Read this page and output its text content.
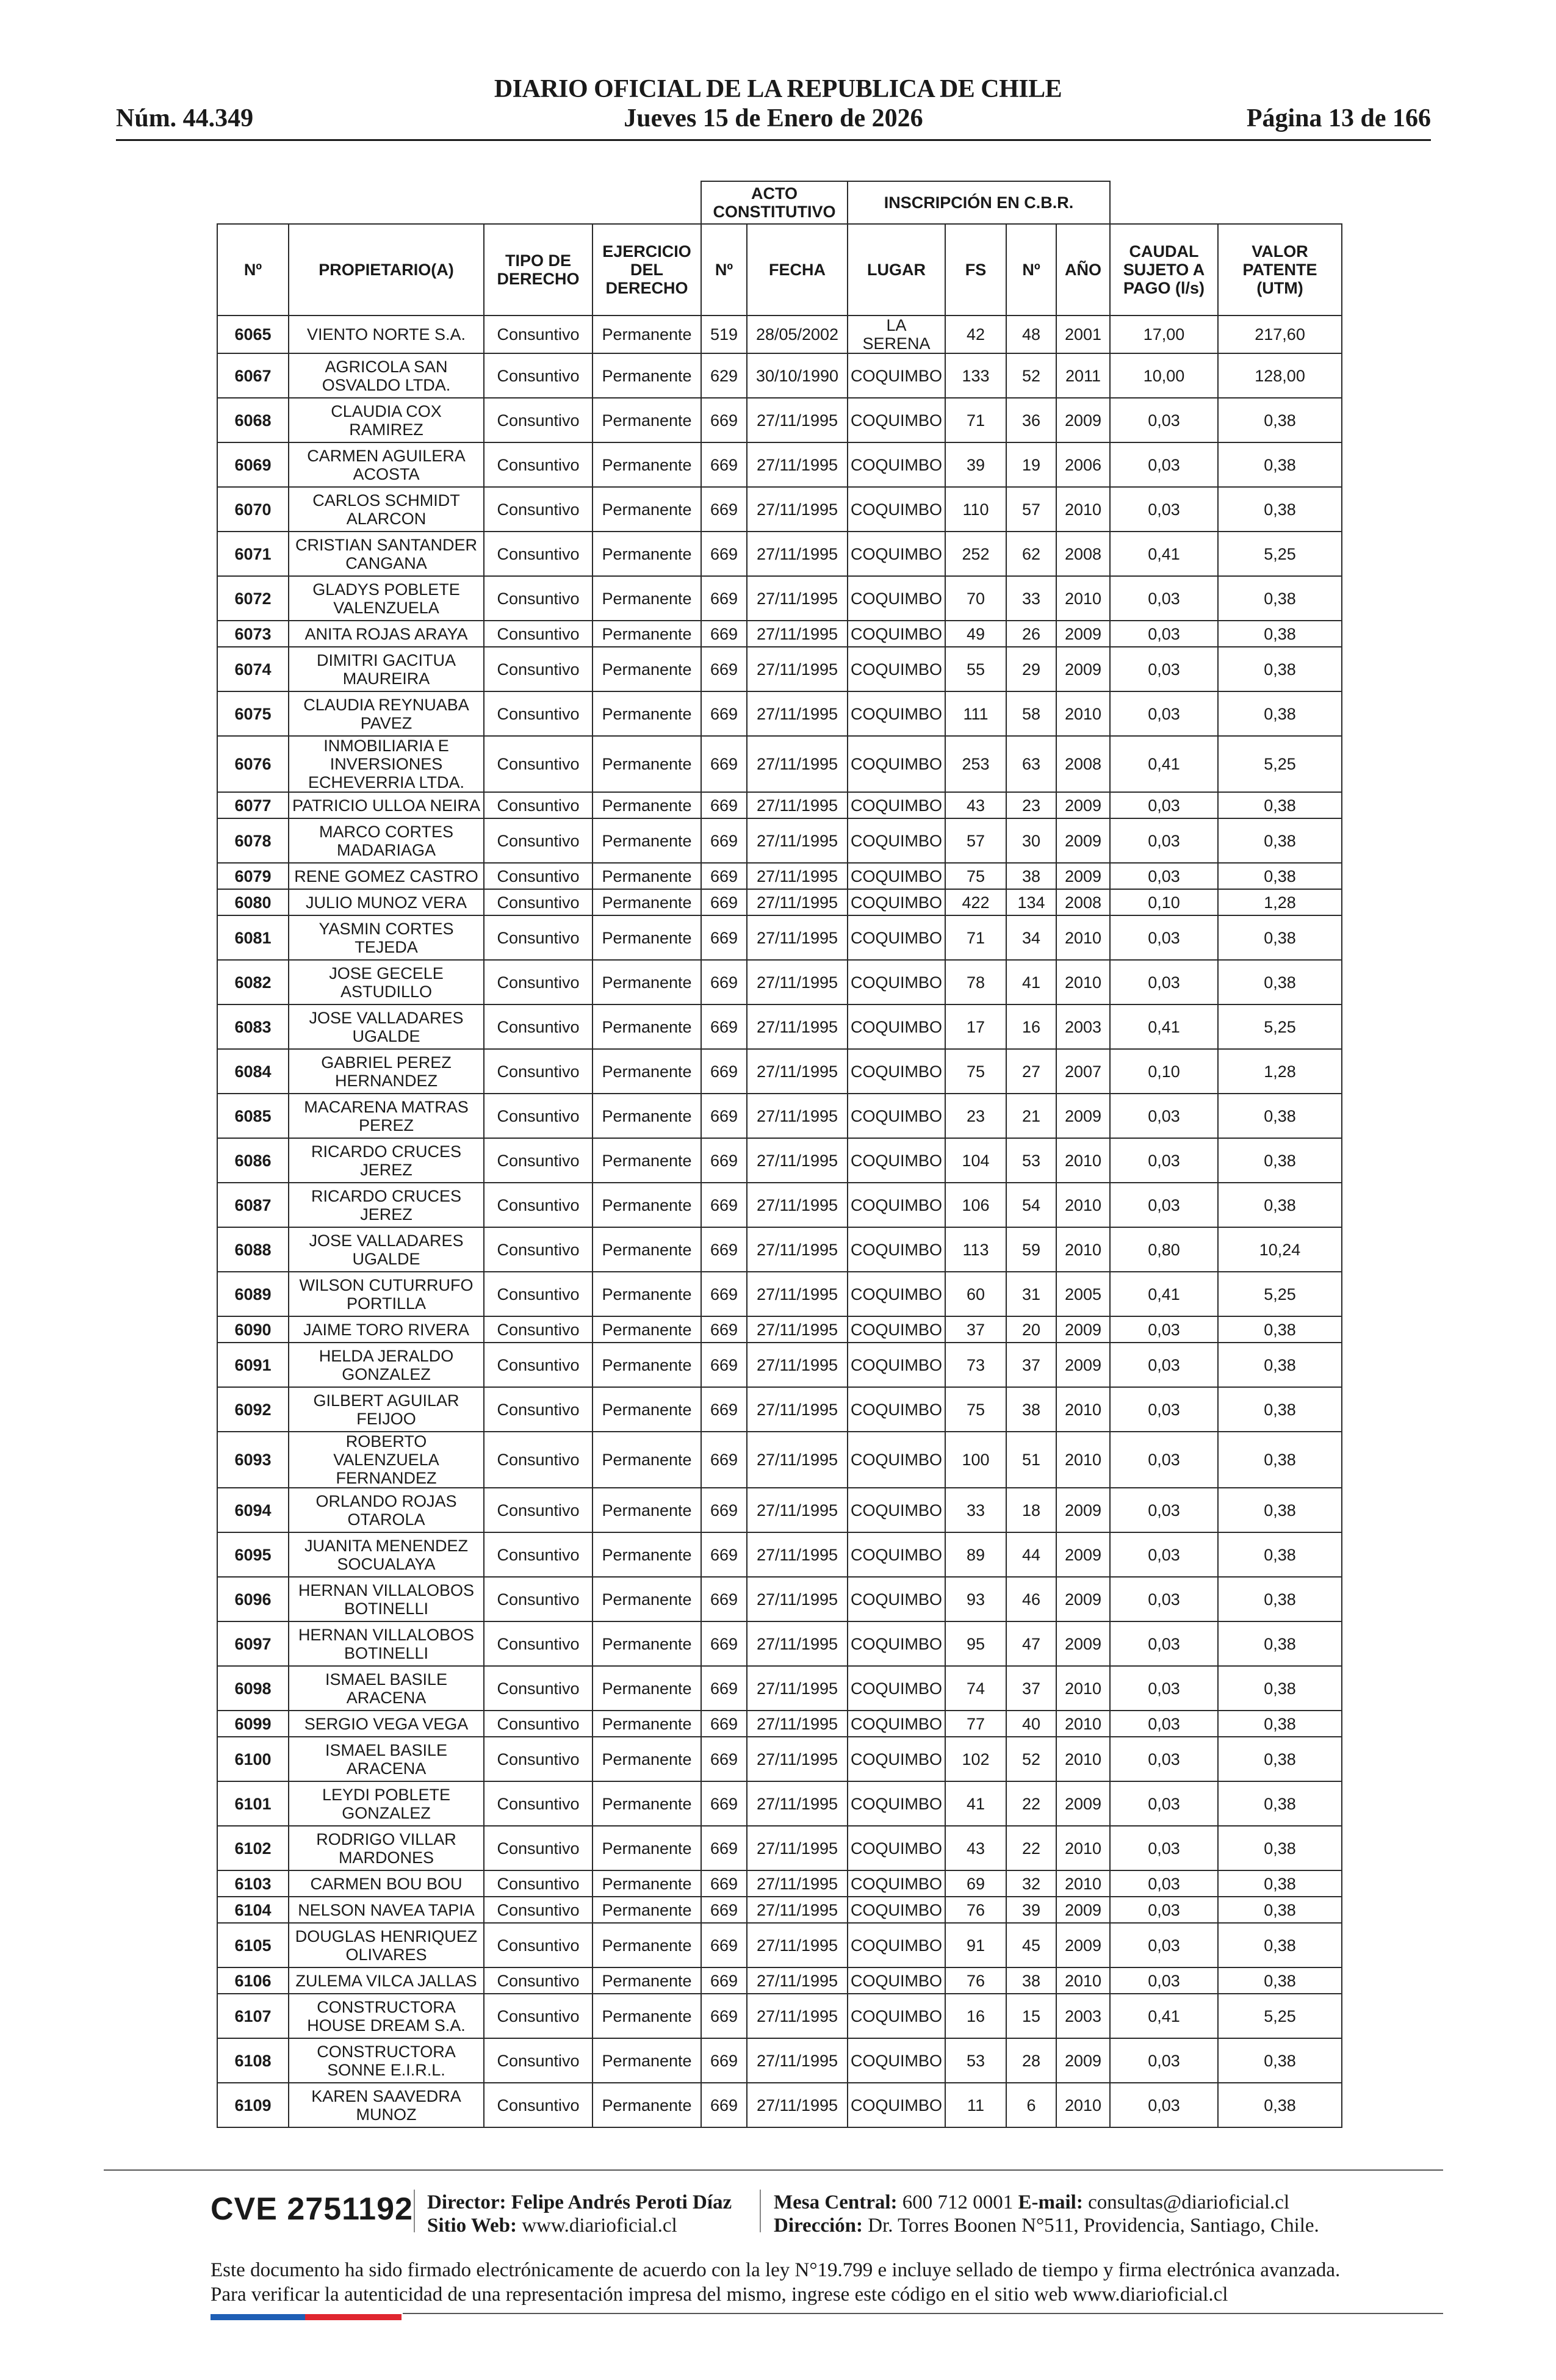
DIARIO OFICIAL DE LA REPUBLICA DE CHILE
Núm. 44.349	Jueves 15 de Enero de 2026	Página 13 de 166
				ACTO CONSTITUTIVO		INSCRIPCIÓN EN C.B.R.					
Nº	PROPIETARIO(A)	TIPO DE DERECHO	EJERCICIO DEL DERECHO	Nº	FECHA	LUGAR	FS	Nº	AÑO	CAUDAL SUJETO A PAGO (l/s)	VALOR PATENTE (UTM)
6065	VIENTO NORTE S.A.	Consuntivo	Permanente	519	28/05/2002	LA SERENA	42	48	2001	17,00	217,60
6067	AGRICOLA SAN OSVALDO LTDA.	Consuntivo	Permanente	629	30/10/1990	COQUIMBO	133	52	2011	10,00	128,00
6068	CLAUDIA COX RAMIREZ	Consuntivo	Permanente	669	27/11/1995	COQUIMBO	71	36	2009	0,03	0,38
6069	CARMEN AGUILERA ACOSTA	Consuntivo	Permanente	669	27/11/1995	COQUIMBO	39	19	2006	0,03	0,38
6070	CARLOS SCHMIDT ALARCON	Consuntivo	Permanente	669	27/11/1995	COQUIMBO	110	57	2010	0,03	0,38
6071	CRISTIAN SANTANDER CANGANA	Consuntivo	Permanente	669	27/11/1995	COQUIMBO	252	62	2008	0,41	5,25
6072	GLADYS POBLETE VALENZUELA	Consuntivo	Permanente	669	27/11/1995	COQUIMBO	70	33	2010	0,03	0,38
6073	ANITA ROJAS ARAYA	Consuntivo	Permanente	669	27/11/1995	COQUIMBO	49	26	2009	0,03	0,38
6074	DIMITRI GACITUA MAUREIRA	Consuntivo	Permanente	669	27/11/1995	COQUIMBO	55	29	2009	0,03	0,38
6075	CLAUDIA REYNUABA PAVEZ	Consuntivo	Permanente	669	27/11/1995	COQUIMBO	111	58	2010	0,03	0,38
6076	INMOBILIARIA E INVERSIONES ECHEVERRIA LTDA.	Consuntivo	Permanente	669	27/11/1995	COQUIMBO	253	63	2008	0,41	5,25
6077	PATRICIO ULLOA NEIRA	Consuntivo	Permanente	669	27/11/1995	COQUIMBO	43	23	2009	0,03	0,38
6078	MARCO CORTES MADARIAGA	Consuntivo	Permanente	669	27/11/1995	COQUIMBO	57	30	2009	0,03	0,38
6079	RENE GOMEZ CASTRO	Consuntivo	Permanente	669	27/11/1995	COQUIMBO	75	38	2009	0,03	0,38
6080	JULIO MUNOZ VERA	Consuntivo	Permanente	669	27/11/1995	COQUIMBO	422	134	2008	0,10	1,28
6081	YASMIN CORTES TEJEDA	Consuntivo	Permanente	669	27/11/1995	COQUIMBO	71	34	2010	0,03	0,38
6082	JOSE GECELE ASTUDILLO	Consuntivo	Permanente	669	27/11/1995	COQUIMBO	78	41	2010	0,03	0,38
6083	JOSE VALLADARES UGALDE	Consuntivo	Permanente	669	27/11/1995	COQUIMBO	17	16	2003	0,41	5,25
6084	GABRIEL PEREZ HERNANDEZ	Consuntivo	Permanente	669	27/11/1995	COQUIMBO	75	27	2007	0,10	1,28
6085	MACARENA MATRAS PEREZ	Consuntivo	Permanente	669	27/11/1995	COQUIMBO	23	21	2009	0,03	0,38
6086	RICARDO CRUCES JEREZ	Consuntivo	Permanente	669	27/11/1995	COQUIMBO	104	53	2010	0,03	0,38
6087	RICARDO CRUCES JEREZ	Consuntivo	Permanente	669	27/11/1995	COQUIMBO	106	54	2010	0,03	0,38
6088	JOSE VALLADARES UGALDE	Consuntivo	Permanente	669	27/11/1995	COQUIMBO	113	59	2010	0,80	10,24
6089	WILSON CUTURRUFO PORTILLA	Consuntivo	Permanente	669	27/11/1995	COQUIMBO	60	31	2005	0,41	5,25
6090	JAIME TORO RIVERA	Consuntivo	Permanente	669	27/11/1995	COQUIMBO	37	20	2009	0,03	0,38
6091	HELDA JERALDO GONZALEZ	Consuntivo	Permanente	669	27/11/1995	COQUIMBO	73	37	2009	0,03	0,38
6092	GILBERT AGUILAR FEIJOO	Consuntivo	Permanente	669	27/11/1995	COQUIMBO	75	38	2010	0,03	0,38
6093	ROBERTO VALENZUELA FERNANDEZ	Consuntivo	Permanente	669	27/11/1995	COQUIMBO	100	51	2010	0,03	0,38
6094	ORLANDO ROJAS OTAROLA	Consuntivo	Permanente	669	27/11/1995	COQUIMBO	33	18	2009	0,03	0,38
6095	JUANITA MENENDEZ SOCUALAYA	Consuntivo	Permanente	669	27/11/1995	COQUIMBO	89	44	2009	0,03	0,38
6096	HERNAN VILLALOBOS BOTINELLI	Consuntivo	Permanente	669	27/11/1995	COQUIMBO	93	46	2009	0,03	0,38
6097	HERNAN VILLALOBOS BOTINELLI	Consuntivo	Permanente	669	27/11/1995	COQUIMBO	95	47	2009	0,03	0,38
6098	ISMAEL BASILE ARACENA	Consuntivo	Permanente	669	27/11/1995	COQUIMBO	74	37	2010	0,03	0,38
6099	SERGIO VEGA VEGA	Consuntivo	Permanente	669	27/11/1995	COQUIMBO	77	40	2010	0,03	0,38
6100	ISMAEL BASILE ARACENA	Consuntivo	Permanente	669	27/11/1995	COQUIMBO	102	52	2010	0,03	0,38
6101	LEYDI POBLETE GONZALEZ	Consuntivo	Permanente	669	27/11/1995	COQUIMBO	41	22	2009	0,03	0,38
6102	RODRIGO VILLAR MARDONES	Consuntivo	Permanente	669	27/11/1995	COQUIMBO	43	22	2010	0,03	0,38
6103	CARMEN BOU BOU	Consuntivo	Permanente	669	27/11/1995	COQUIMBO	69	32	2010	0,03	0,38
6104	NELSON NAVEA TAPIA	Consuntivo	Permanente	669	27/11/1995	COQUIMBO	76	39	2009	0,03	0,38
6105	DOUGLAS HENRIQUEZ OLIVARES	Consuntivo	Permanente	669	27/11/1995	COQUIMBO	91	45	2009	0,03	0,38
6106	ZULEMA VILCA JALLAS	Consuntivo	Permanente	669	27/11/1995	COQUIMBO	76	38	2010	0,03	0,38
6107	CONSTRUCTORA HOUSE DREAM S.A.	Consuntivo	Permanente	669	27/11/1995	COQUIMBO	16	15	2003	0,41	5,25
6108	CONSTRUCTORA SONNE E.I.R.L.	Consuntivo	Permanente	669	27/11/1995	COQUIMBO	53	28	2009	0,03	0,38
6109	KAREN SAAVEDRA MUNOZ	Consuntivo	Permanente	669	27/11/1995	COQUIMBO	11	6	2010	0,03	0,38
CVE 2751192 Director: Felipe Andrés Peroti Díaz
Sitio Web: www.diarioficial.cl
Mesa Central: 600 712 0001 E-mail: consultas@diarioficial.cl
Dirección: Dr. Torres Boonen N°511, Providencia, Santiago, Chile.
Este documento ha sido firmado electrónicamente de acuerdo con la ley N°19.799 e incluye sellado de tiempo y firma electrónica avanzada. Para verificar la autenticidad de una representación impresa del mismo, ingrese este código en el sitio web www.diarioficial.cl
